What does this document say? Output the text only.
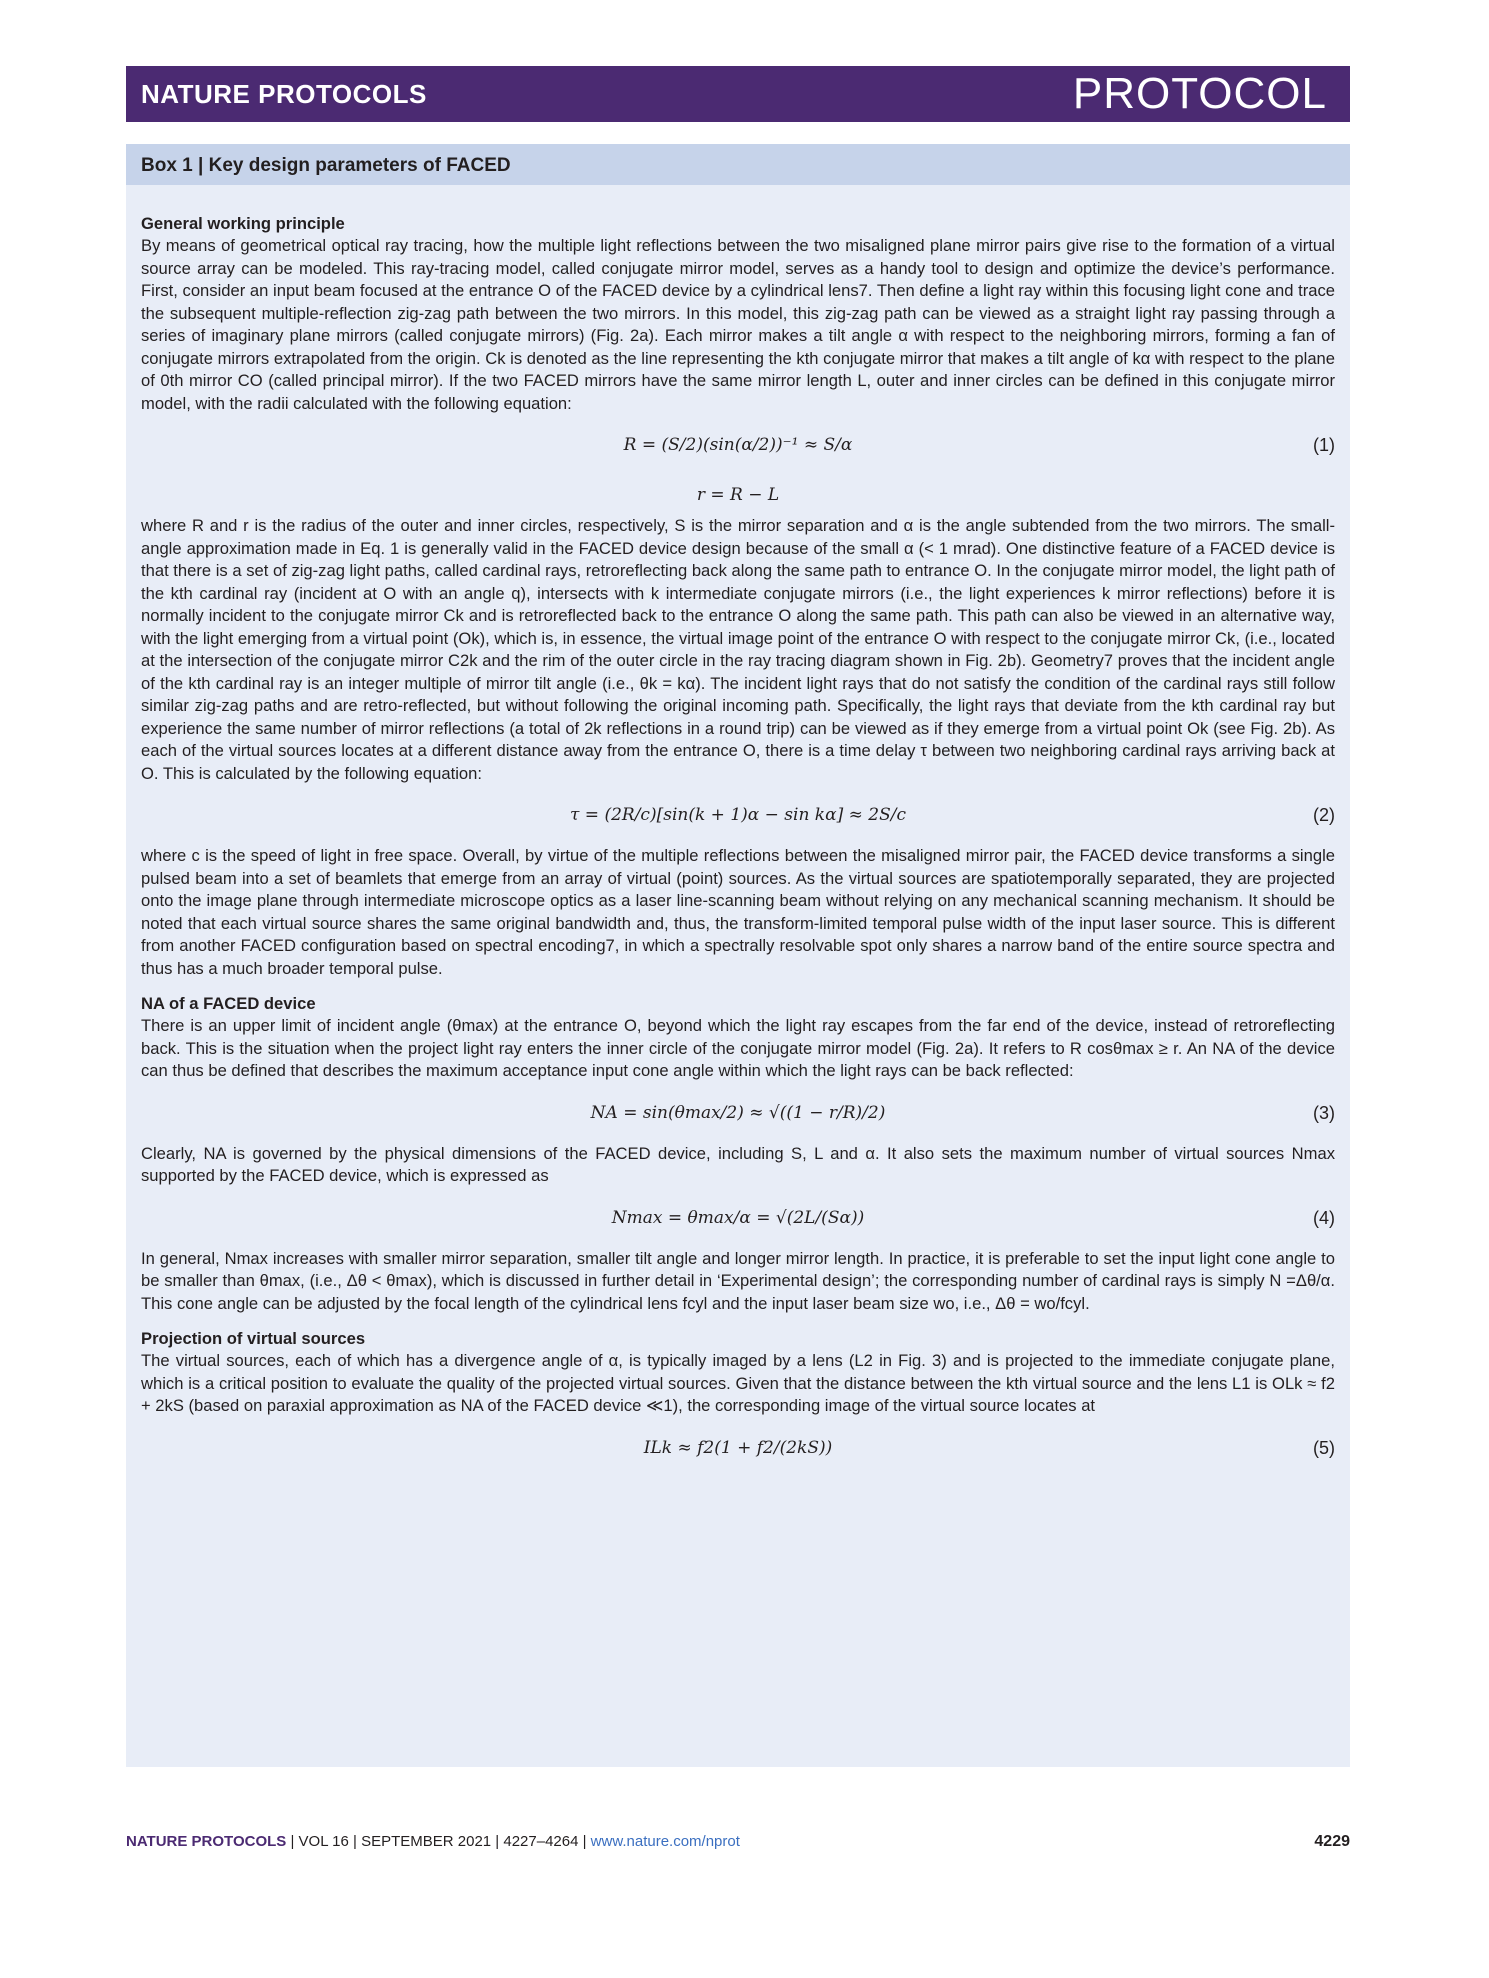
NATURE PROTOCOLS	PROTOCOL
Box 1 | Key design parameters of FACED
General working principle

By means of geometrical optical ray tracing, how the multiple light reflections between the two misaligned plane mirror pairs give rise to the formation of a virtual source array can be modeled. This ray-tracing model, called conjugate mirror model, serves as a handy tool to design and optimize the device’s performance. First, consider an input beam focused at the entrance O of the FACED device by a cylindrical lens7. Then define a light ray within this focusing light cone and trace the subsequent multiple-reflection zig-zag path between the two mirrors. In this model, this zig-zag path can be viewed as a straight light ray passing through a series of imaginary plane mirrors (called conjugate mirrors) (Fig. 2a). Each mirror makes a tilt angle α with respect to the neighboring mirrors, forming a fan of conjugate mirrors extrapolated from the origin. Ck is denoted as the line representing the kth conjugate mirror that makes a tilt angle of kα with respect to the plane of 0th mirror CO (called principal mirror). If the two FACED mirrors have the same mirror length L, outer and inner circles can be defined in this conjugate mirror model, with the radii calculated with the following equation:

R = (S/2)(sin(α/2))⁻¹ ≈ S/α	(1)
r = R − L

where R and r is the radius of the outer and inner circles, respectively, S is the mirror separation and α is the angle subtended from the two mirrors. The small-angle approximation made in Eq. 1 is generally valid in the FACED device design because of the small α (< 1 mrad). One distinctive feature of a FACED device is that there is a set of zig-zag light paths, called cardinal rays, retroreflecting back along the same path to entrance O. In the conjugate mirror model, the light path of the kth cardinal ray (incident at O with an angle q), intersects with k intermediate conjugate mirrors (i.e., the light experiences k mirror reflections) before it is normally incident to the conjugate mirror Ck and is retroreflected back to the entrance O along the same path. This path can also be viewed in an alternative way, with the light emerging from a virtual point (Ok), which is, in essence, the virtual image point of the entrance O with respect to the conjugate mirror Ck, (i.e., located at the intersection of the conjugate mirror C2k and the rim of the outer circle in the ray tracing diagram shown in Fig. 2b). Geometry7 proves that the incident angle of the kth cardinal ray is an integer multiple of mirror tilt angle (i.e., θk = kα). The incident light rays that do not satisfy the condition of the cardinal rays still follow similar zig-zag paths and are retro-reflected, but without following the original incoming path. Specifically, the light rays that deviate from the kth cardinal ray but experience the same number of mirror reflections (a total of 2k reflections in a round trip) can be viewed as if they emerge from a virtual point Ok (see Fig. 2b). As each of the virtual sources locates at a different distance away from the entrance O, there is a time delay τ between two neighboring cardinal rays arriving back at O. This is calculated by the following equation:

τ = (2R/c)[sin(k + 1)α − sin kα] ≈ 2S/c	(2)

where c is the speed of light in free space. Overall, by virtue of the multiple reflections between the misaligned mirror pair, the FACED device transforms a single pulsed beam into a set of beamlets that emerge from an array of virtual (point) sources. As the virtual sources are spatiotemporally separated, they are projected onto the image plane through intermediate microscope optics as a laser line-scanning beam without relying on any mechanical scanning mechanism. It should be noted that each virtual source shares the same original bandwidth and, thus, the transform-limited temporal pulse width of the input laser source. This is different from another FACED configuration based on spectral encoding7, in which a spectrally resolvable spot only shares a narrow band of the entire source spectra and thus has a much broader temporal pulse.

NA of a FACED device

There is an upper limit of incident angle (θmax) at the entrance O, beyond which the light ray escapes from the far end of the device, instead of retroreflecting back. This is the situation when the project light ray enters the inner circle of the conjugate mirror model (Fig. 2a). It refers to R cosθmax ≥ r. An NA of the device can thus be defined that describes the maximum acceptance input cone angle within which the light rays can be back reflected:

NA = sin(θmax/2) ≈ √((1 − r/R)/2)	(3)

Clearly, NA is governed by the physical dimensions of the FACED device, including S, L and α. It also sets the maximum number of virtual sources Nmax supported by the FACED device, which is expressed as

Nmax = θmax/α = √(2L/(Sα))	(4)

In general, Nmax increases with smaller mirror separation, smaller tilt angle and longer mirror length. In practice, it is preferable to set the input light cone angle to be smaller than θmax, (i.e., Δθ < θmax), which is discussed in further detail in ‘Experimental design’; the corresponding number of cardinal rays is simply N =Δθ/α. This cone angle can be adjusted by the focal length of the cylindrical lens fcyl and the input laser beam size wo, i.e., Δθ = wo/fcyl.

Projection of virtual sources

The virtual sources, each of which has a divergence angle of α, is typically imaged by a lens (L2 in Fig. 3) and is projected to the immediate conjugate plane, which is a critical position to evaluate the quality of the projected virtual sources. Given that the distance between the kth virtual source and the lens L1 is OLk ≈ f2 + 2kS (based on paraxial approximation as NA of the FACED device ≪1), the corresponding image of the virtual source locates at

ILk ≈ f2(1 + f2/(2kS))	(5)
NATURE PROTOCOLS | VOL 16 | SEPTEMBER 2021 | 4227–4264 | www.nature.com/nprot	4229
